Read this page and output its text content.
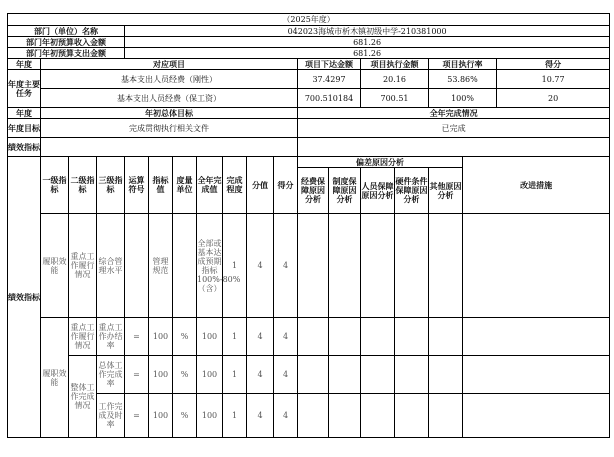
（2025年度）																	
部门（单位）名称				042023海城市析木镇初级中学-210381000													
部门年初预算收入金额				681.26													
部门年初预算支出金额				681.26													
年度	对应项目										项目下达金额		项目执行金额		项目执行率		得分
年度主要任务	基本支出人员经费（刚性）										37.4297		20.16		53.86%		10.77
	基本支出人员经费（保工资）										700.510184		700.51		100%		20
年度	年初总体目标										全年完成情况						
年度目标	完成贯彻执行相关文件										已完成						
绩效指标																	
绩效指标	一级指标	二级指标	三级指标	运算符号	指标值	度量单位	全年完成值	完成程度	分值	得分	偏差原因分析					改进措施	
											经费保障原因分析	制度保障原因分析	人员保障原因分析	硬件条件保障原因分析	其他原因分析		
	履职效能	重点工作履行情况	综合管理水平		管理规范		全部或基本达成预期指标100%-80%（含）	1	4	4							
	履职效能	重点工作履行情况	重点工作办结率	=	100	%	100	1	4	4							
		整体工作完成情况	总体工作完成率	=	100	%	100	1	4	4							
			工作完成及时率	=	100	%	100	1	4	4							
